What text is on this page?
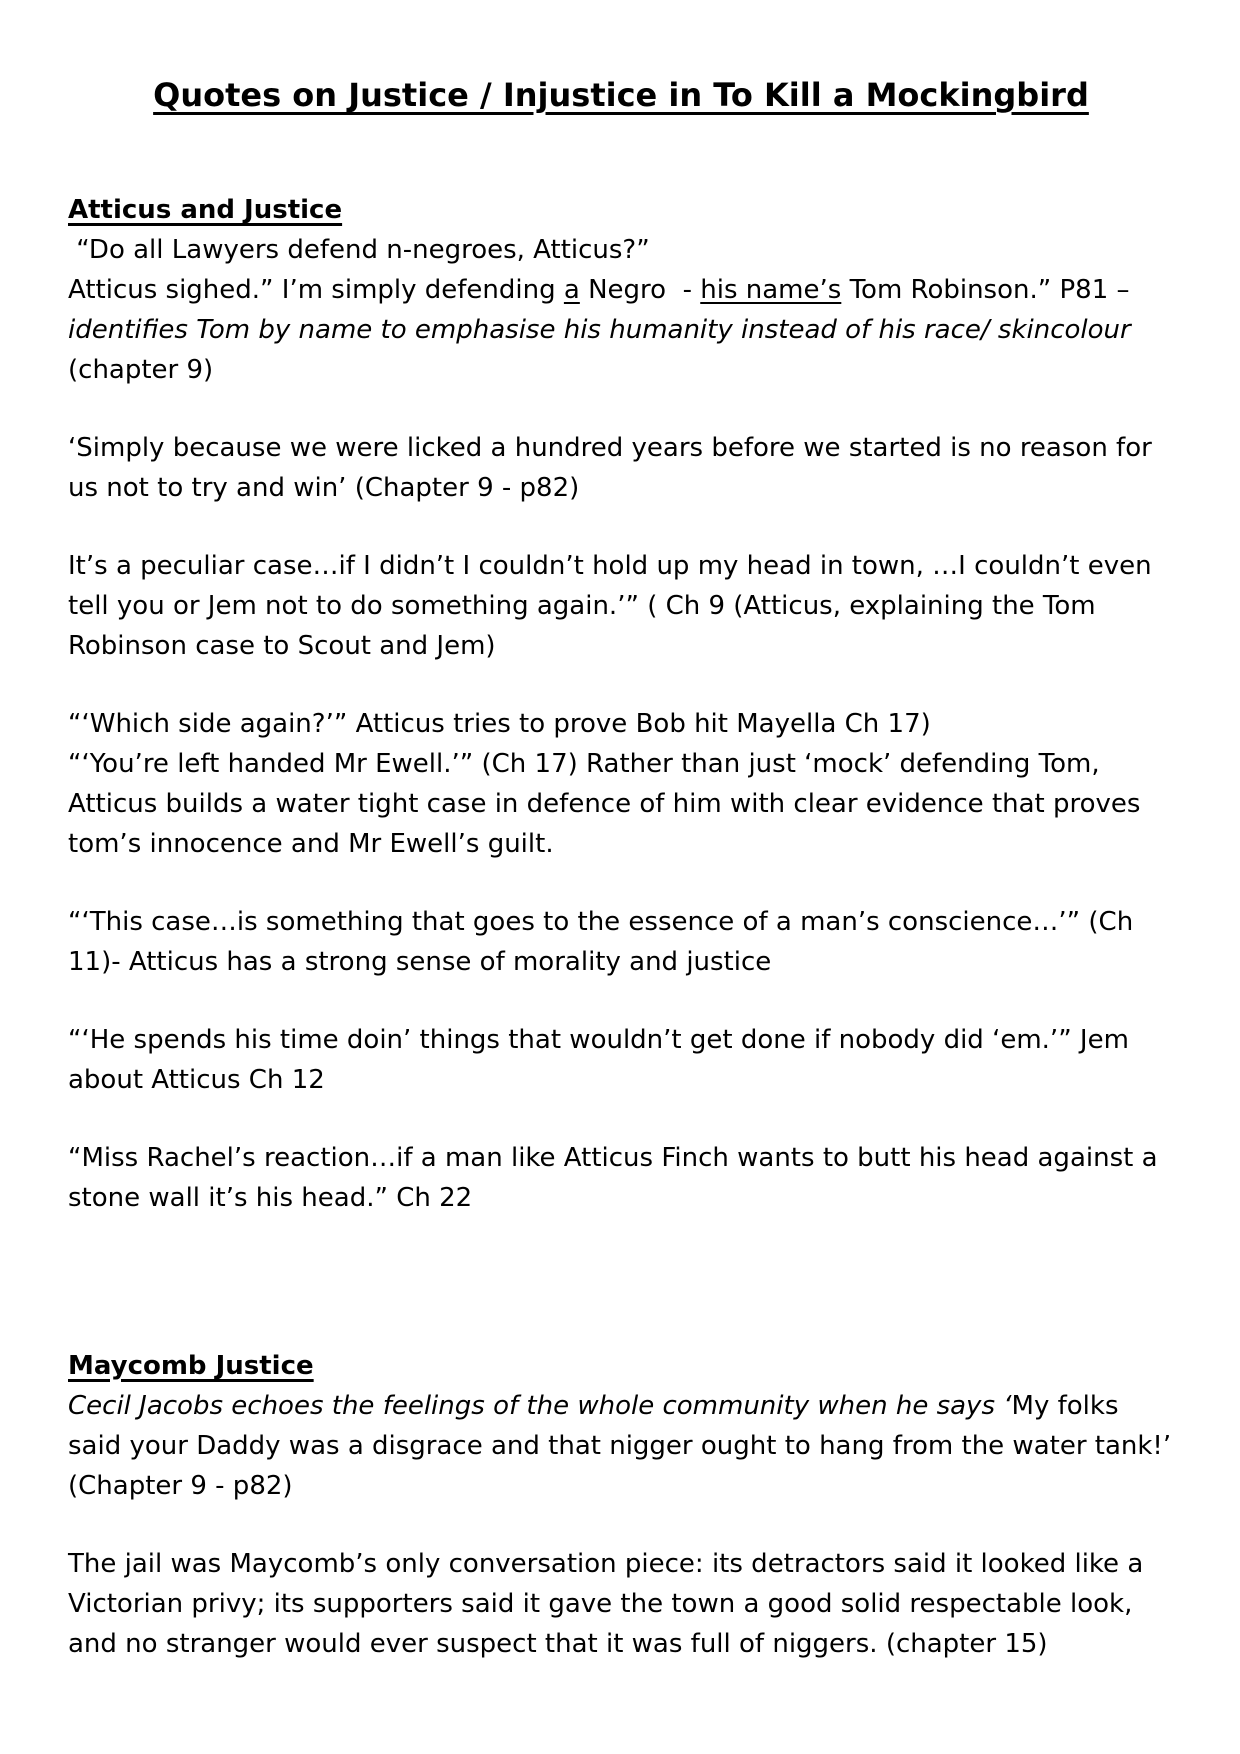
Quotes on Justice / Injustice in To Kill a Mockingbird
Atticus and Justice

“Do all Lawyers defend n-negroes, Atticus?”

Atticus sighed.” I’m simply defending a Negro  - his name’s Tom Robinson.” P81 – identifies Tom by name to emphasise his humanity instead of his race/ skincolour (chapter 9)

‘Simply because we were licked a hundred years before we started is no reason for us not to try and win’ (Chapter 9 - p82)

It’s a peculiar case…if I didn’t I couldn’t hold up my head in town, …I couldn’t even tell you or Jem not to do something again.’” ( Ch 9 (Atticus, explaining the Tom Robinson case to Scout and Jem)

“‘Which side again?’” Atticus tries to prove Bob hit Mayella Ch 17)

“‘You’re left handed Mr Ewell.’” (Ch 17) Rather than just ‘mock’ defending Tom, Atticus builds a water tight case in defence of him with clear evidence that proves tom’s innocence and Mr Ewell’s guilt.

“‘This case…is something that goes to the essence of a man’s conscience…’” (Ch 11)- Atticus has a strong sense of morality and justice

“‘He spends his time doin’ things that wouldn’t get done if nobody did ‘em.’” Jem about Atticus Ch 12

“Miss Rachel’s reaction…if a man like Atticus Finch wants to butt his head against a stone wall it’s his head.” Ch 22

Maycomb Justice

Cecil Jacobs echoes the feelings of the whole community when he says ‘My folks said your Daddy was a disgrace and that nigger ought to hang from the water tank!’  (Chapter 9 - p82)

The jail was Maycomb’s only conversation piece: its detractors said it looked like a Victorian privy; its supporters said it gave the town a good solid respectable look, and no stranger would ever suspect that it was full of niggers. (chapter 15)
